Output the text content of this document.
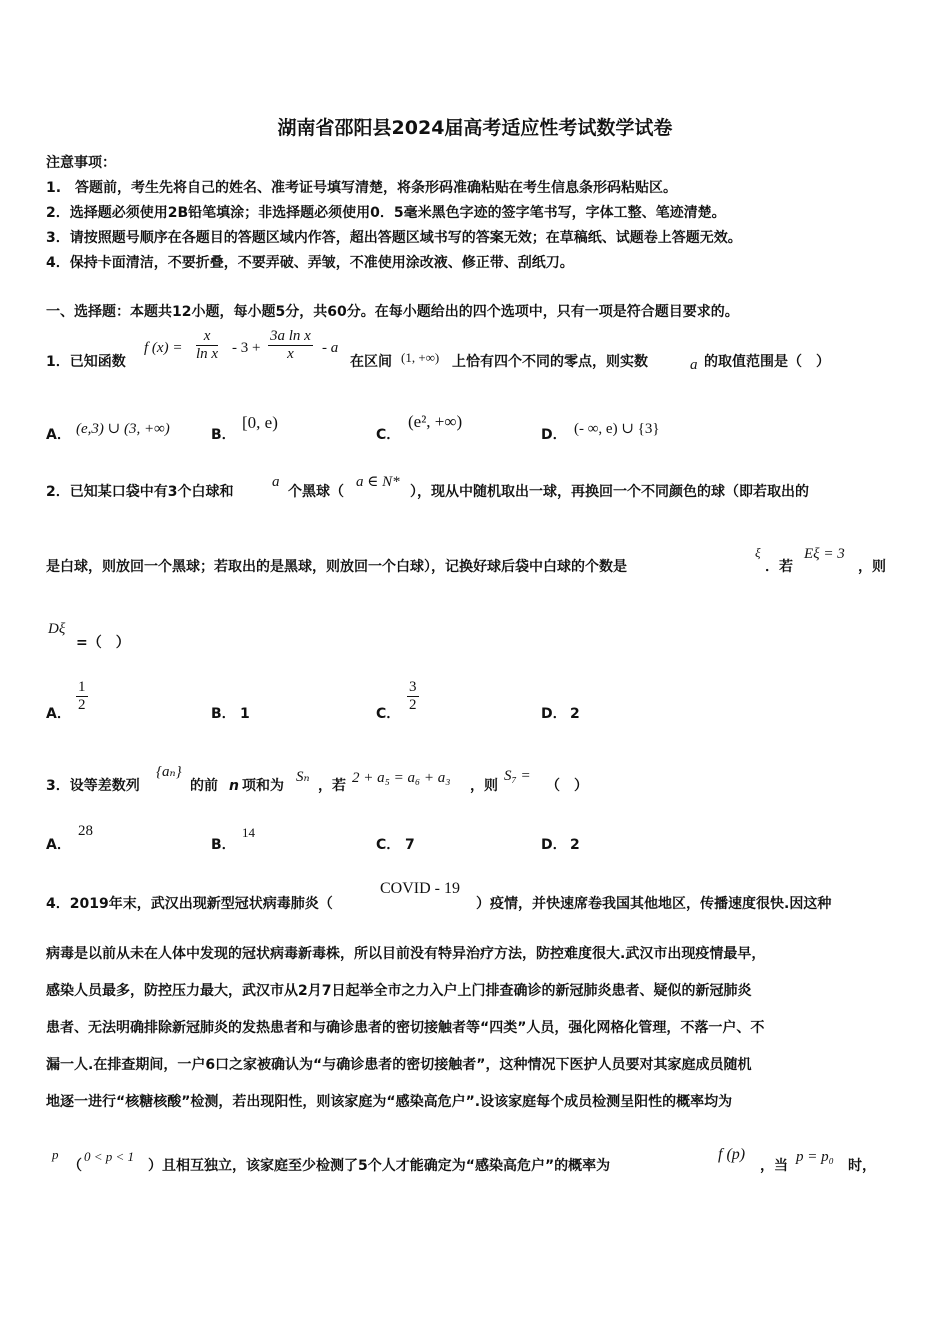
湖南省邵阳县2024届高考适应性考试数学试卷
注意事项：
1.　答题前，考生先将自己的姓名、准考证号填写清楚，将条形码准确粘贴在考生信息条形码粘贴区。
2．选择题必须使用2B铅笔填涂；非选择题必须使用0．5毫米黑色字迹的签字笔书写，字体工整、笔迹清楚。
3．请按照题号顺序在各题目的答题区域内作答，超出答题区域书写的答案无效；在草稿纸、试题卷上答题无效。
4．保持卡面清洁，不要折叠，不要弄破、弄皱，不准使用涂改液、修正带、刮纸刀。
一、选择题：本题共12小题，每小题5分，共60分。在每小题给出的四个选项中，只有一项是符合题目要求的。
1．已知函数
f $(x) = \frac{x}{\text{ln x}} - 3 + \frac{\text{3a ln x}}{x} - a$
在区间 (1, +∞) 上恰有四个不同的零点，则实数	a 的取值范围是（　）
A． (e,3) ∪ (3, +∞)	B．
[0, e)
C．
(e², +∞)
D． (- ∞, e) ∪ {3}
2．已知某口袋中有3个白球和
a
个黑球（
a ∈ N*
），现从中随机取出一球，再换回一个不同颜色的球（即若取出的
是白球，则放回一个黑球；若取出的是黑球，则放回一个白球），记换好球后袋中白球的个数是
ξ
．若
Eξ = 3
，则
Dξ
=（　）
A． $\frac{1}{2}$	B． 1	C． $\frac{3}{2}$	D． 2
3．设等差数列
{aₙ}
的前 n 项和为
Sₙ
，若 2 + a₅ = a₆ + a₃ ，则
S₇ =
（　）
A．
28
B．
14
C． 7	D． 2
4．2019年末，武汉出现新型冠状病毒肺炎（
COVID - 19
）疫情，并快速席卷我国其他地区，传播速度很快.因这种
病毒是以前从未在人体中发现的冠状病毒新毒株，所以目前没有特异治疗方法，防控难度很大.武汉市出现疫情最早，
感染人员最多，防控压力最大，武汉市从2月7日起举全市之力入户上门排查确诊的新冠肺炎患者、疑似的新冠肺炎
患者、无法明确排除新冠肺炎的发热患者和与确诊患者的密切接触者等“四类”人员，强化网格化管理，不落一户、不
漏一人.在排查期间，一户6口之家被确认为“与确诊患者的密切接触者”，这种情况下医护人员要对其家庭成员随机
地逐一进行“核糖核酸”检测，若出现阳性，则该家庭为“感染高危户”.设该家庭每个成员检测呈阳性的概率均为
p
（
0 < p < 1
）且相互独立，该家庭至少检测了5个人才能确定为“感染高危户”的概率为
f (p)
，当
p = p₀
时，
